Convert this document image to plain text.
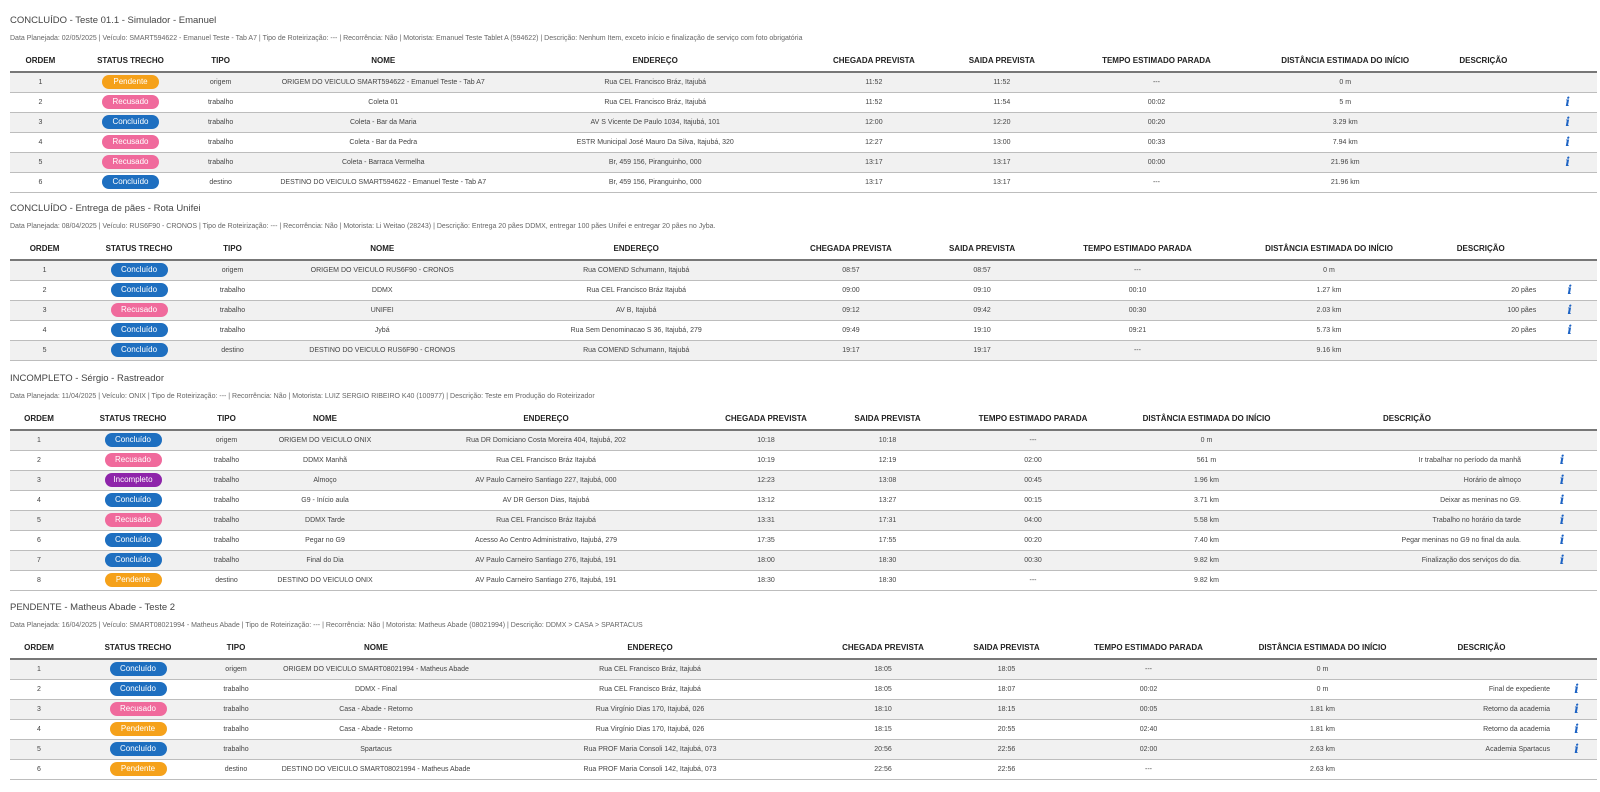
CONCLUÍDO - Teste 01.1 - Simulador - Emanuel
Data Planejada: 02/05/2025 | Veículo: SMART594622 - Emanuel Teste - Tab A7 | Tipo de Roteirização: --- | Recorrência: Não | Motorista: Emanuel Teste Tablet A (594622) | Descrição: Nenhum Item, exceto início e finalização de serviço com foto obrigatória
ORDEM	STATUS TRECHO	TIPO	NOME	ENDEREÇO	CHEGADA PREVISTA	SAIDA PREVISTA	TEMPO ESTIMADO PARADA	DISTÂNCIA ESTIMADA DO INÍCIO	DESCRIÇÃO	
1	Pendente	origem	ORIGEM DO VEICULO SMART594622 - Emanuel Teste - Tab A7	Rua CEL Francisco Bráz, Itajubá	11:52	11:52	---	0 m		
2	Recusado	trabalho	Coleta 01	Rua CEL Francisco Bráz, Itajubá	11:52	11:54	00:02	5 m		i
3	Concluído	trabalho	Coleta - Bar da Maria	AV S Vicente De Paulo 1034, Itajubá, 101	12:00	12:20	00:20	3.29 km		i
4	Recusado	trabalho	Coleta - Bar da Pedra	ESTR Municipal José Mauro Da Silva, Itajubá, 320	12:27	13:00	00:33	7.94 km		i
5	Recusado	trabalho	Coleta - Barraca Vermelha	Br, 459 156, Piranguinho, 000	13:17	13:17	00:00	21.96 km		i
6	Concluído	destino	DESTINO DO VEICULO SMART594622 - Emanuel Teste - Tab A7	Br, 459 156, Piranguinho, 000	13:17	13:17	---	21.96 km		
CONCLUÍDO - Entrega de pães - Rota Unifei
Data Planejada: 08/04/2025 | Veículo: RUS6F90 - CRONOS | Tipo de Roteirização: --- | Recorrência: Não | Motorista: Li Weitao (28243) | Descrição: Entrega 20 pães DDMX, entregar 100 pães Unifei e entregar 20 pães no Jyba.
ORDEM	STATUS TRECHO	TIPO	NOME	ENDEREÇO	CHEGADA PREVISTA	SAIDA PREVISTA	TEMPO ESTIMADO PARADA	DISTÂNCIA ESTIMADA DO INÍCIO	DESCRIÇÃO	
1	Concluído	origem	ORIGEM DO VEICULO RUS6F90 - CRONOS	Rua COMEND Schumann, Itajubá	08:57	08:57	---	0 m		
2	Concluído	trabalho	DDMX	Rua CEL Francisco Bráz Itajubá	09:00	09:10	00:10	1.27 km	20 pães	i
3	Recusado	trabalho	UNIFEI	AV B, Itajubá	09:12	09:42	00:30	2.03 km	100 pães	i
4	Concluído	trabalho	Jybá	Rua Sem Denominacao S 36, Itajubá, 279	09:49	19:10	09:21	5.73 km	20 pães	i
5	Concluído	destino	DESTINO DO VEICULO RUS6F90 - CRONOS	Rua COMEND Schumann, Itajubá	19:17	19:17	---	9.16 km		
INCOMPLETO - Sérgio - Rastreador
Data Planejada: 11/04/2025 | Veículo: ONIX | Tipo de Roteirização: --- | Recorrência: Não | Motorista: LUIZ SERGIO RIBEIRO K40 (100977) | Descrição: Teste em Produção do Roteirizador
ORDEM	STATUS TRECHO	TIPO	NOME	ENDEREÇO	CHEGADA PREVISTA	SAIDA PREVISTA	TEMPO ESTIMADO PARADA	DISTÂNCIA ESTIMADA DO INÍCIO	DESCRIÇÃO	
1	Concluído	origem	ORIGEM DO VEICULO ONIX	Rua DR Domiciano Costa Moreira 404, Itajubá, 202	10:18	10:18	---	0 m		
2	Recusado	trabalho	DDMX Manhã	Rua CEL Francisco Bráz Itajubá	10:19	12:19	02:00	561 m	Ir trabalhar no período da manhã	i
3	Incompleto	trabalho	Almoço	AV Paulo Carneiro Santiago 227, Itajubá, 000	12:23	13:08	00:45	1.96 km	Horário de almoço	i
4	Concluído	trabalho	G9 - Início aula	AV DR Gerson Dias, Itajubá	13:12	13:27	00:15	3.71 km	Deixar as meninas no G9.	i
5	Recusado	trabalho	DDMX Tarde	Rua CEL Francisco Bráz Itajubá	13:31	17:31	04:00	5.58 km	Trabalho no horário da tarde	i
6	Concluído	trabalho	Pegar no G9	Acesso Ao Centro Administrativo, Itajubá, 279	17:35	17:55	00:20	7.40 km	Pegar meninas no G9 no final da aula.	i
7	Concluído	trabalho	Final do Dia	AV Paulo Carneiro Santiago 276, Itajubá, 191	18:00	18:30	00:30	9.82 km	Finalização dos serviços do dia.	i
8	Pendente	destino	DESTINO DO VEICULO ONIX	AV Paulo Carneiro Santiago 276, Itajubá, 191	18:30	18:30	---	9.82 km		
PENDENTE - Matheus Abade - Teste 2
Data Planejada: 16/04/2025 | Veículo: SMART08021994 - Matheus Abade | Tipo de Roteirização: --- | Recorrência: Não | Motorista: Matheus Abade (08021994) | Descrição: DDMX > CASA > SPARTACUS
ORDEM	STATUS TRECHO	TIPO	NOME	ENDEREÇO	CHEGADA PREVISTA	SAIDA PREVISTA	TEMPO ESTIMADO PARADA	DISTÂNCIA ESTIMADA DO INÍCIO	DESCRIÇÃO	
1	Concluído	origem	ORIGEM DO VEICULO SMART08021994 - Matheus Abade	Rua CEL Francisco Bráz, Itajubá	18:05	18:05	---	0 m		
2	Concluído	trabalho	DDMX - Final	Rua CEL Francisco Bráz, Itajubá	18:05	18:07	00:02	0 m	Final de expediente	i
3	Recusado	trabalho	Casa - Abade - Retorno	Rua Virgínio Dias 170, Itajubá, 026	18:10	18:15	00:05	1.81 km	Retorno da academia	i
4	Pendente	trabalho	Casa - Abade - Retorno	Rua Virgínio Dias 170, Itajubá, 026	18:15	20:55	02:40	1.81 km	Retorno da academia	i
5	Concluído	trabalho	Spartacus	Rua PROF Maria Consoli 142, Itajubá, 073	20:56	22:56	02:00	2.63 km	Academia Spartacus	i
6	Pendente	destino	DESTINO DO VEICULO SMART08021994 - Matheus Abade	Rua PROF Maria Consoli 142, Itajubá, 073	22:56	22:56	---	2.63 km		
